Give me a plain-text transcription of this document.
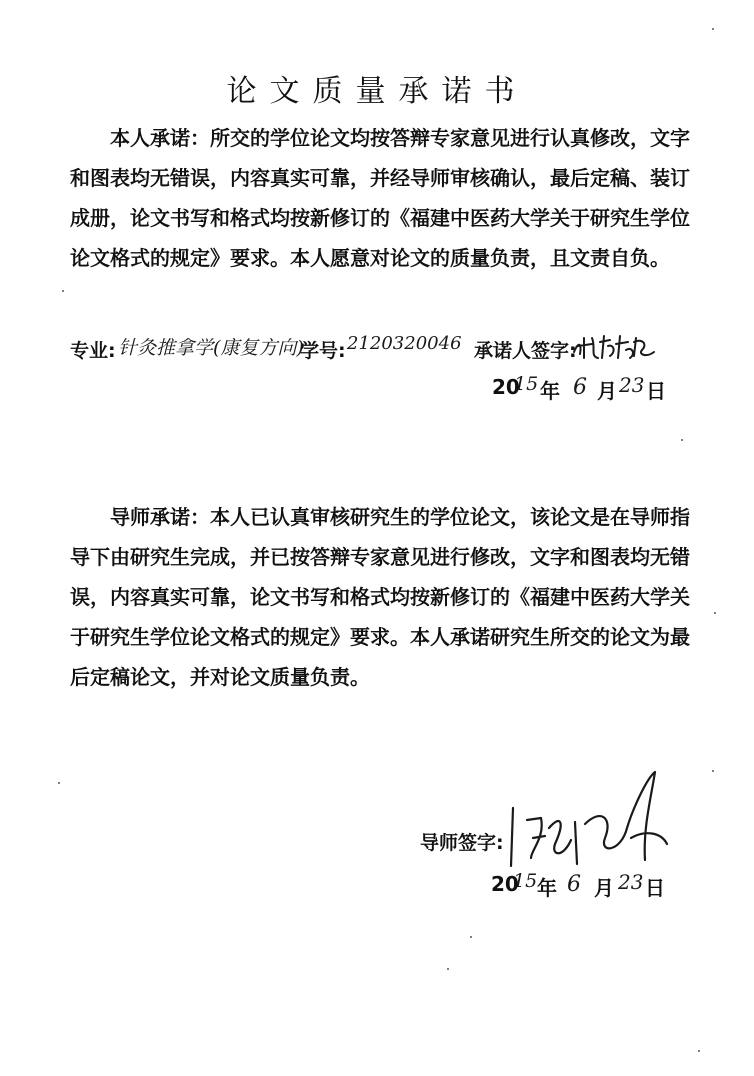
论文质量承诺书

本人承诺：所交的学位论文均按答辩专家意见进行认真修改，文字和图表均无错误，内容真实可靠，并经导师审核确认，最后定稿、装订成册，论文书写和格式均按新修订的《福建中医药大学关于研究生学位论文格式的规定》要求。本人愿意对论文的质量负责，且文责自负。

专业: 针灸推拿学(康复方向)
学号: 2120320046 承诺人签字:
20
15 年 6 月 23 日

导师承诺：本人已认真审核研究生的学位论文，该论文是在导师指导下由研究生完成，并已按答辩专家意见进行修改，文字和图表均无错误，内容真实可靠，论文书写和格式均按新修订的《福建中医药大学关于研究生学位论文格式的规定》要求。本人承诺研究生所交的论文为最后定稿论文，并对论文质量负责。

导师签字:
20
15 年 6 月 23 日
